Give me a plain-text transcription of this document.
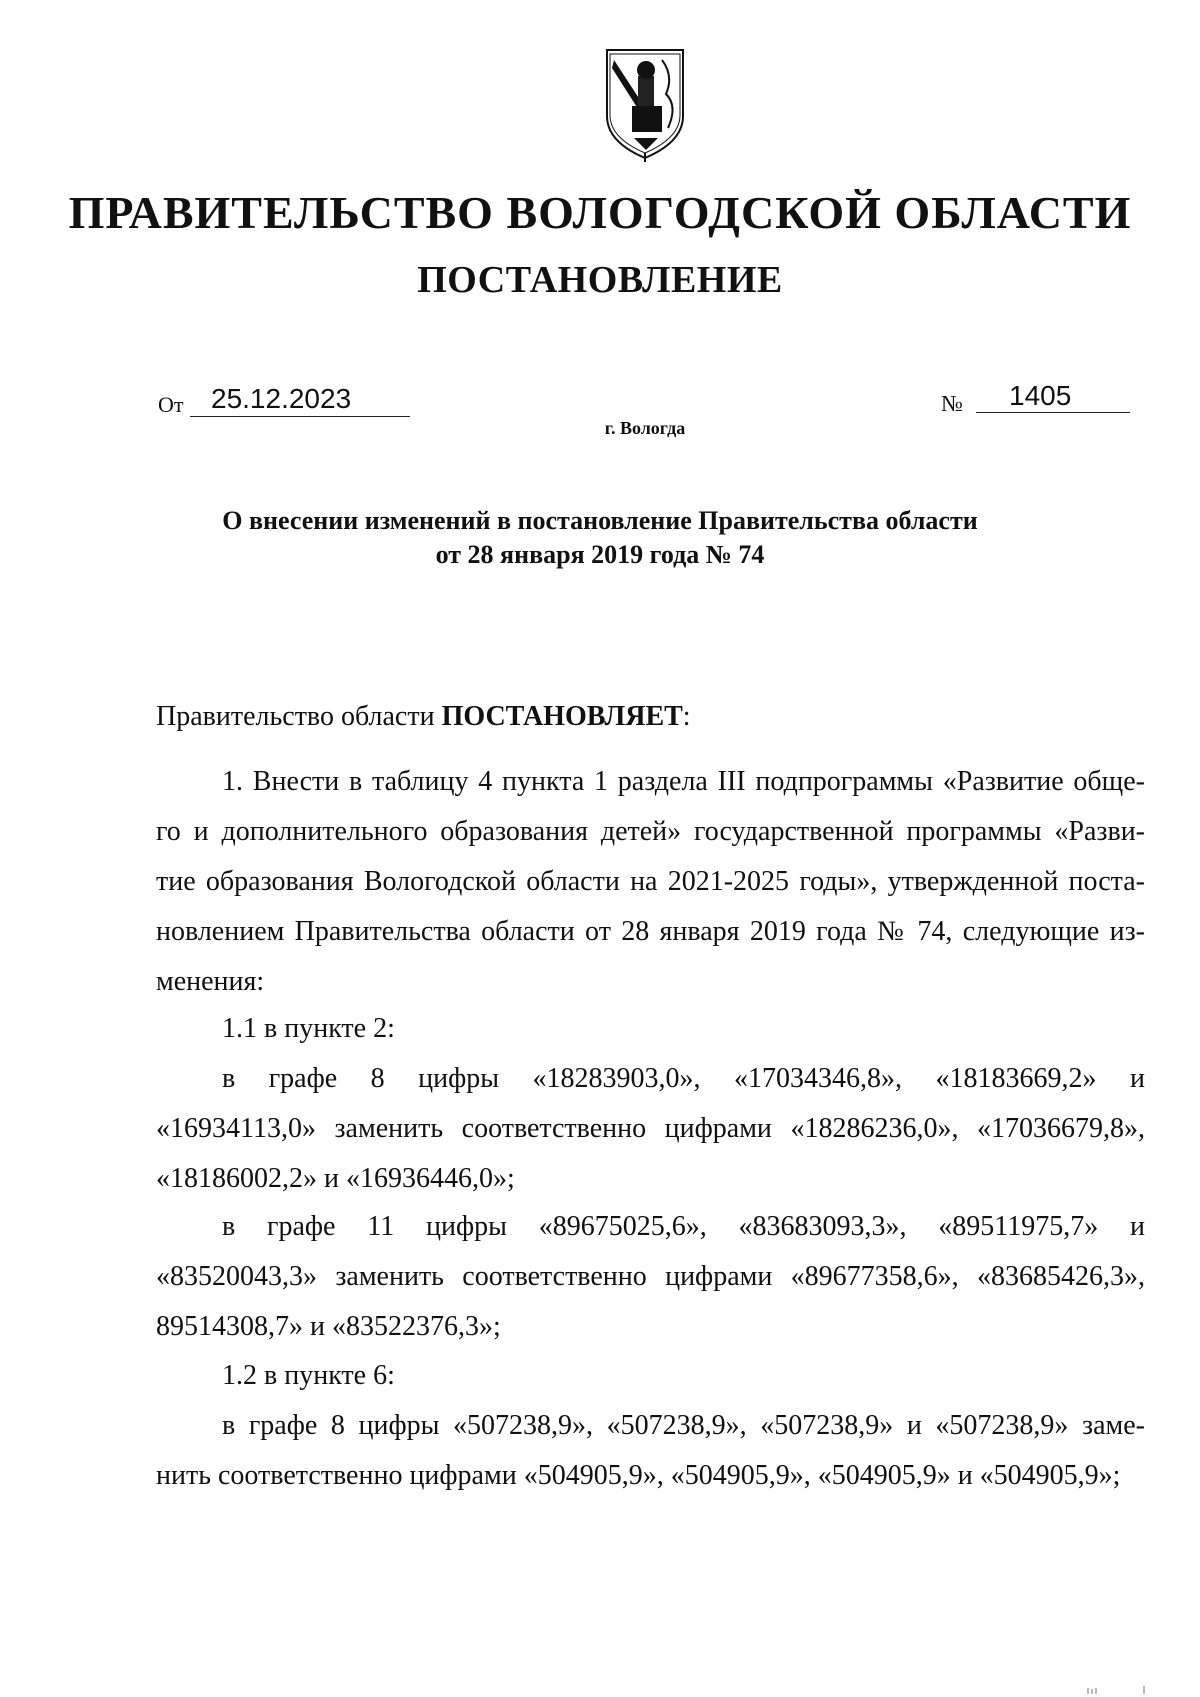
ПРАВИТЕЛЬСТВО ВОЛОГОДСКОЙ ОБЛАСТИ
ПОСТАНОВЛЕНИЕ
От 25.12.2023	№ 1405
г. Вологда
О внесении изменений в постановление Правительства области
от 28 января 2019 года № 74
Правительство области ПОСТАНОВЛЯЕТ:
1. Внести в таблицу 4 пункта 1 раздела III подпрограммы «Развитие обще-
го и дополнительного образования детей» государственной программы «Разви-
тие образования Вологодской области на 2021-2025 годы», утвержденной поста-
новлением Правительства области от 28 января 2019 года № 74, следующие из-
менения:
1.1 в пункте 2:
в графе 8 цифры «18283903,0», «17034346,8», «18183669,2» и
«16934113,0» заменить соответственно цифрами «18286236,0», «17036679,8»,
«18186002,2» и «16936446,0»;
в графе 11 цифры «89675025,6», «83683093,3», «89511975,7» и
«83520043,3» заменить соответственно цифрами «89677358,6», «83685426,3»,
89514308,7» и «83522376,3»;
1.2 в пункте 6:
в графе 8 цифры «507238,9», «507238,9», «507238,9» и «507238,9» заме-
нить соответственно цифрами «504905,9», «504905,9», «504905,9» и «504905,9»;
